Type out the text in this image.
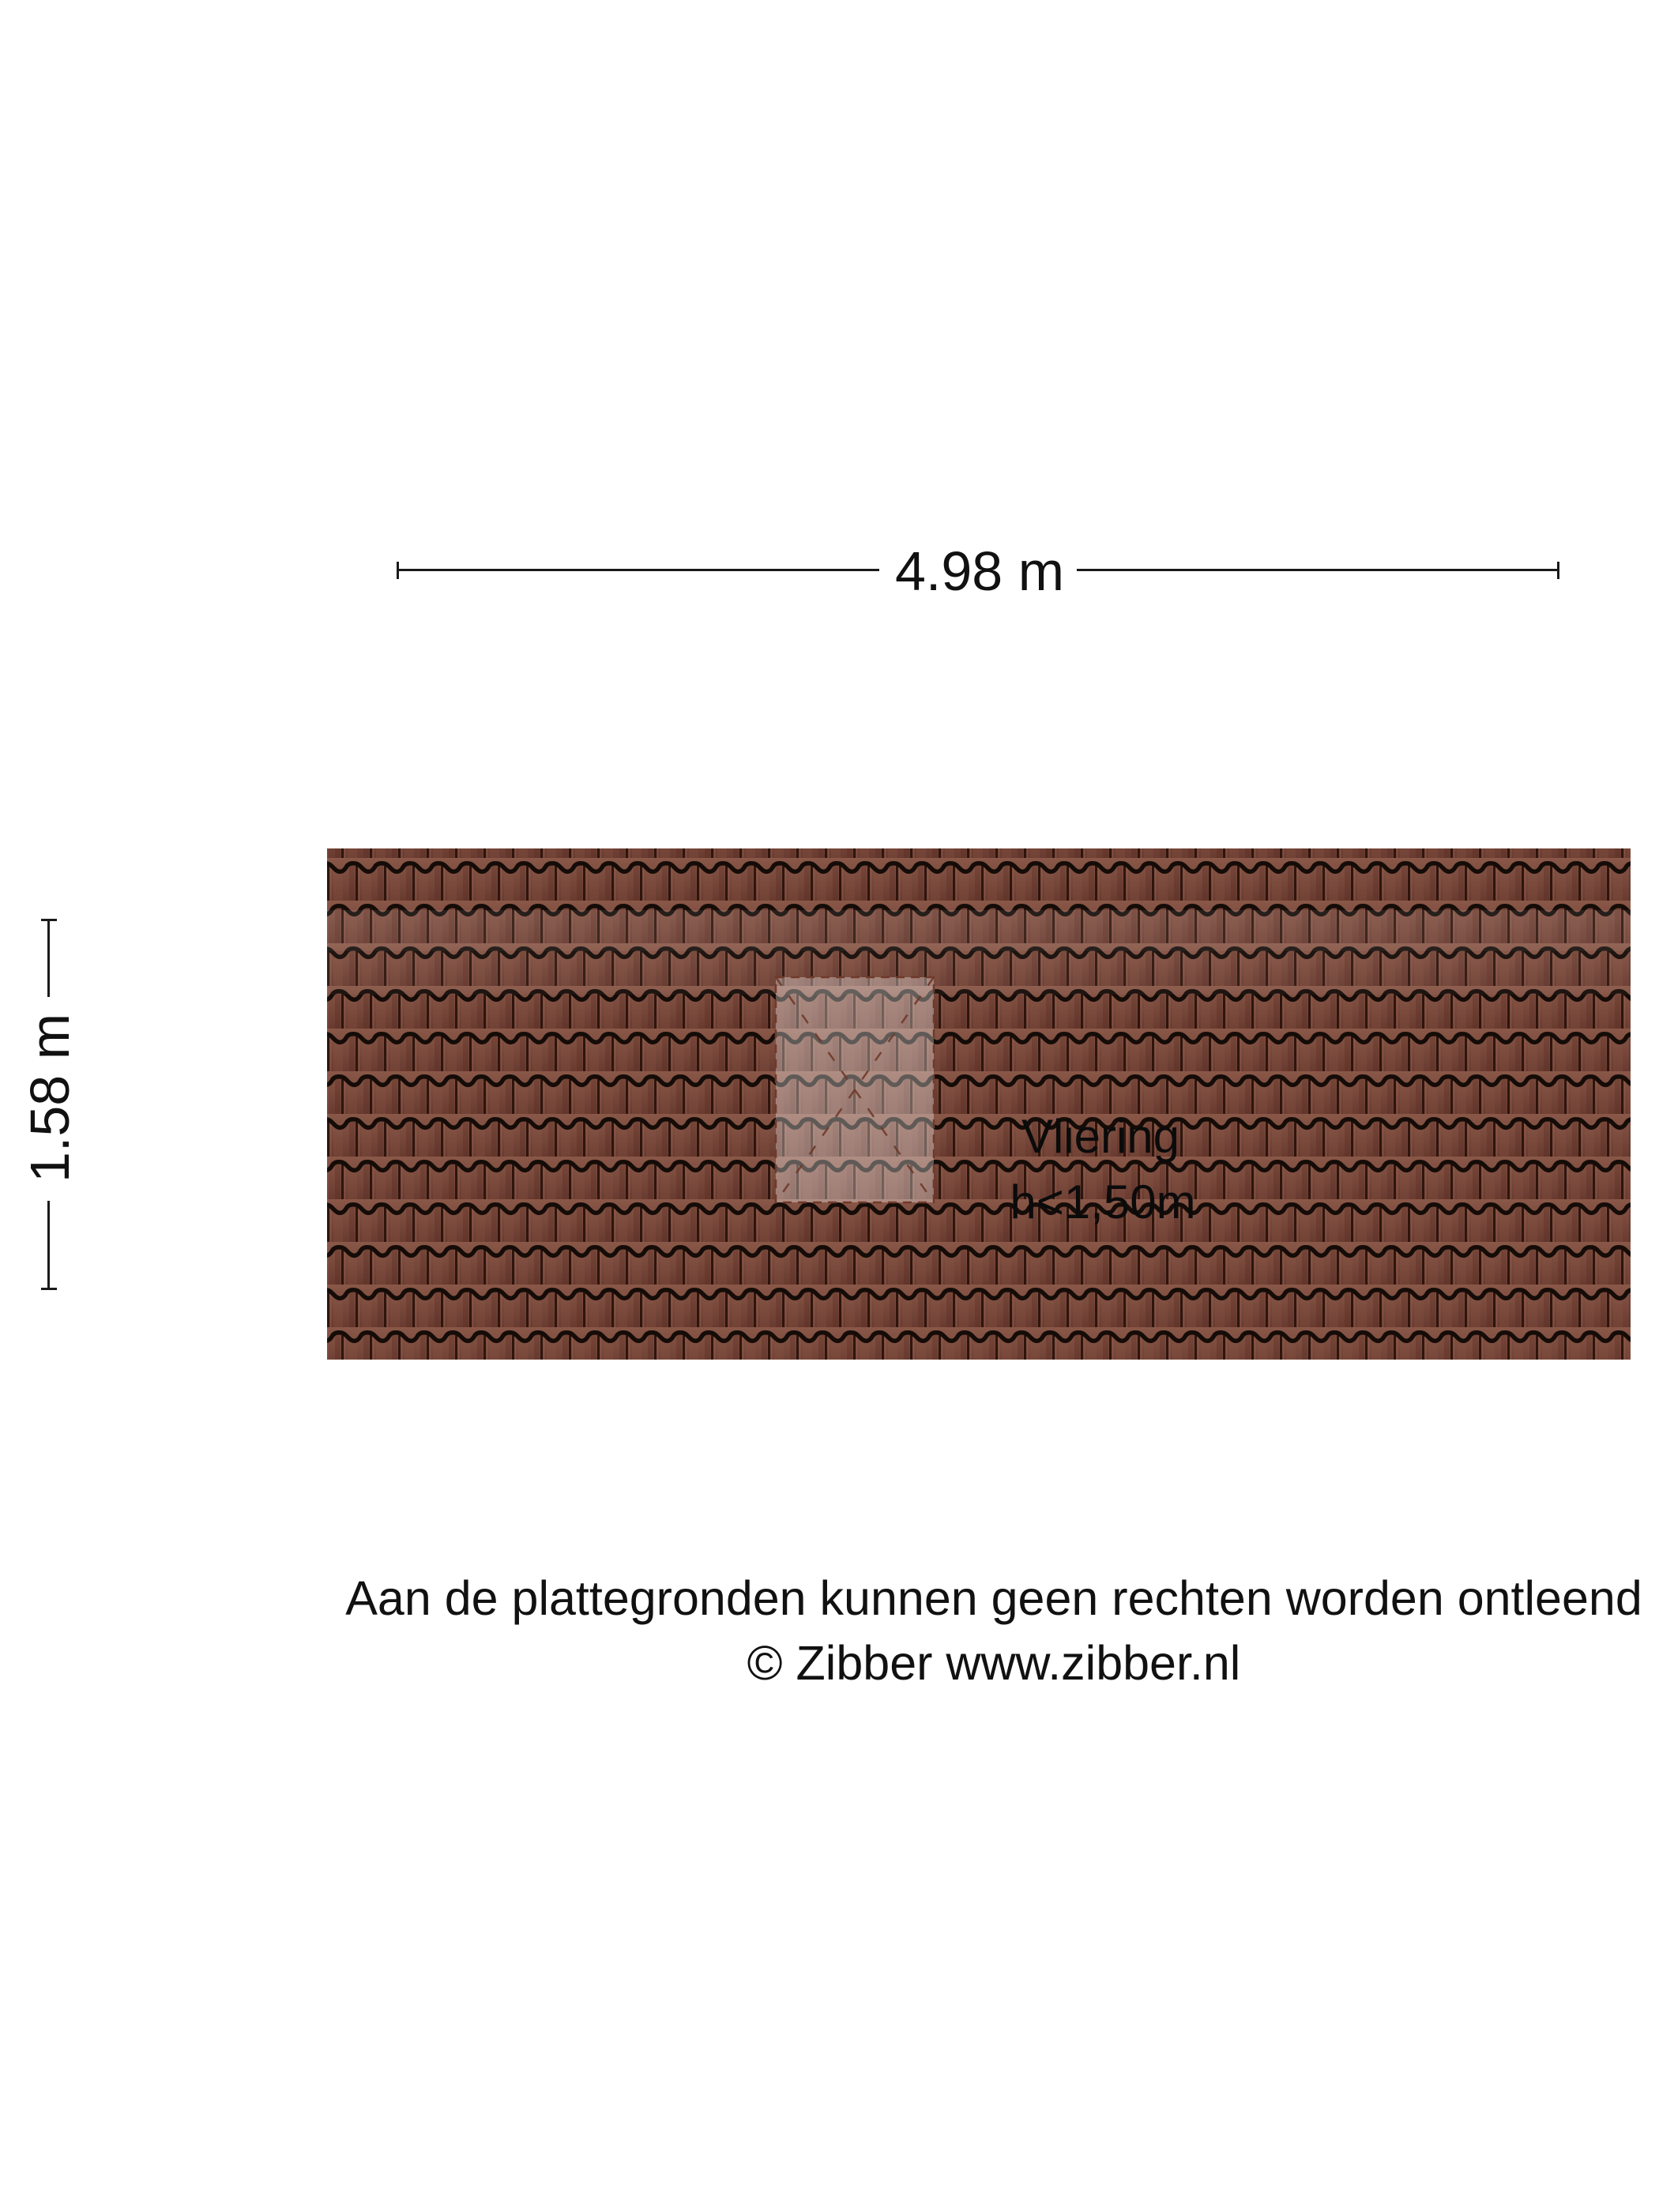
4.98 m
1.58 m	Vliering
h<1,50m
Aan de plattegronden kunnen geen rechten worden ontleend
© Zibber www.zibber.nl
